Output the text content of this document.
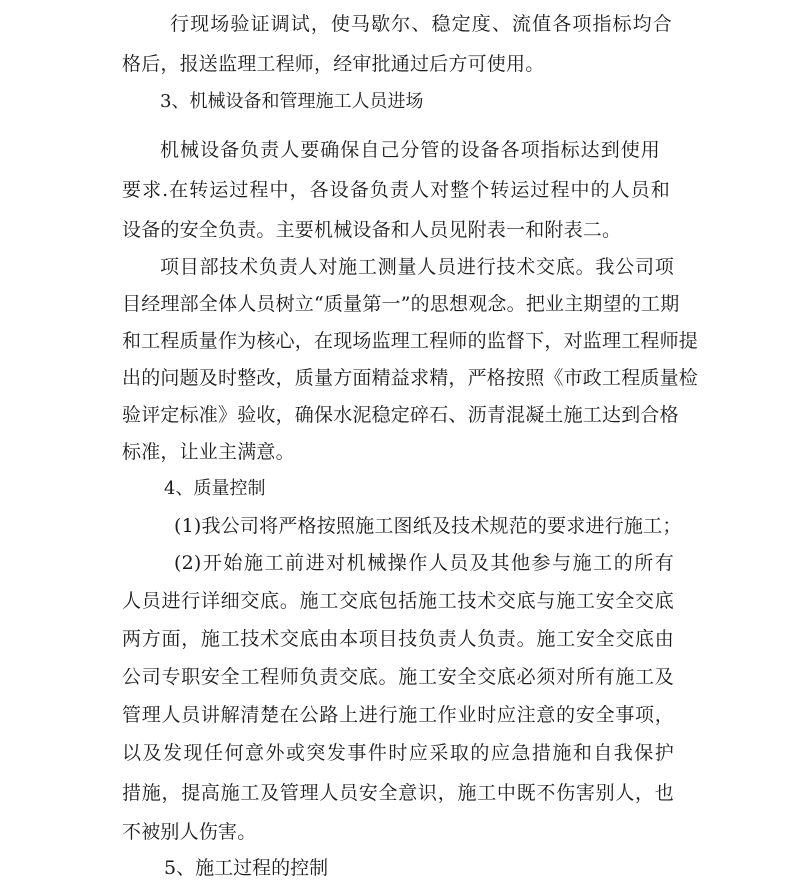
行现场验证调试，使马歇尔、稳定度、流值各项指标均合
格后，报送监理工程师，经审批通过后方可使用。
3、机械设备和管理施工人员进场
机械设备负责人要确保自己分管的设备各项指标达到使用
要求.在转运过程中，各设备负责人对整个转运过程中的人员和
设备的安全负责。主要机械设备和人员见附表一和附表二。
项目部技术负责人对施工测量人员进行技术交底。我公司项
目经理部全体人员树立“质量第一”的思想观念。把业主期望的工期
和工程质量作为核心，在现场监理工程师的监督下，对监理工程师提
出的问题及时整改，质量方面精益求精，严格按照《市政工程质量检
验评定标准》验收，确保水泥稳定碎石、沥青混凝土施工达到合格
标准，让业主满意。
4、质量控制
(1)我公司将严格按照施工图纸及技术规范的要求进行施工；
(2)开始施工前进对机械操作人员及其他参与施工的所有
人员进行详细交底。施工交底包括施工技术交底与施工安全交底
两方面，施工技术交底由本项目技负责人负责。施工安全交底由
公司专职安全工程师负责交底。施工安全交底必须对所有施工及
管理人员讲解清楚在公路上进行施工作业时应注意的安全事项，
以及发现任何意外或突发事件时应采取的应急措施和自我保护
措施，提高施工及管理人员安全意识，施工中既不伤害别人，也
不被别人伤害。
5、施工过程的控制
